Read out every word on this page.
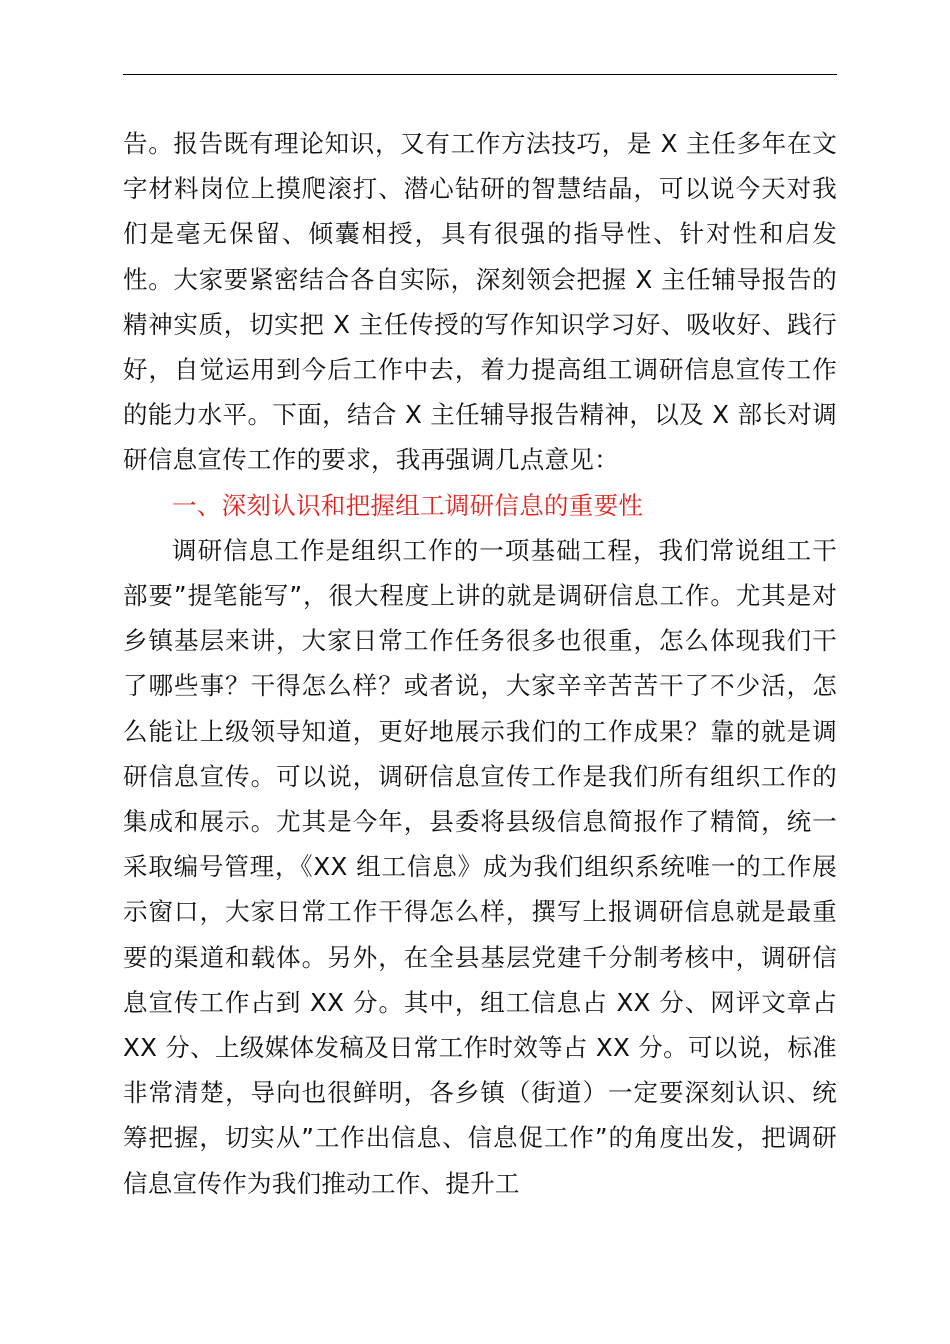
告。报告既有理论知识，又有工作方法技巧，是 X 主任多年在文字材料岗位上摸爬滚打、潜心钻研的智慧结晶，可以说今天对我们是毫无保留、倾囊相授，具有很强的指导性、针对性和启发性。大家要紧密结合各自实际，深刻领会把握 X 主任辅导报告的精神实质，切实把 X 主任传授的写作知识学习好、吸收好、践行好，自觉运用到今后工作中去，着力提高组工调研信息宣传工作的能力水平。下面，结合 X 主任辅导报告精神，以及 X 部长对调研信息宣传工作的要求，我再强调几点意见：

一、深刻认识和把握组工调研信息的重要性

调研信息工作是组织工作的一项基础工程，我们常说组工干部要”提笔能写”，很大程度上讲的就是调研信息工作。尤其是对乡镇基层来讲，大家日常工作任务很多也很重，怎么体现我们干了哪些事？干得怎么样？或者说，大家辛辛苦苦干了不少活，怎么能让上级领导知道，更好地展示我们的工作成果？靠的就是调研信息宣传。可以说，调研信息宣传工作是我们所有组织工作的集成和展示。尤其是今年，县委将县级信息简报作了精简，统一采取编号管理，《XX 组工信息》成为我们组织系统唯一的工作展示窗口，大家日常工作干得怎么样，撰写上报调研信息就是最重要的渠道和载体。另外，在全县基层党建千分制考核中，调研信息宣传工作占到 XX 分。其中，组工信息占 XX 分、网评文章占 XX 分、上级媒体发稿及日常工作时效等占 XX 分。可以说，标准非常清楚，导向也很鲜明，各乡镇（街道）一定要深刻认识、统筹把握，切实从”工作出信息、信息促工作”的角度出发，把调研信息宣传作为我们推动工作、提升工
